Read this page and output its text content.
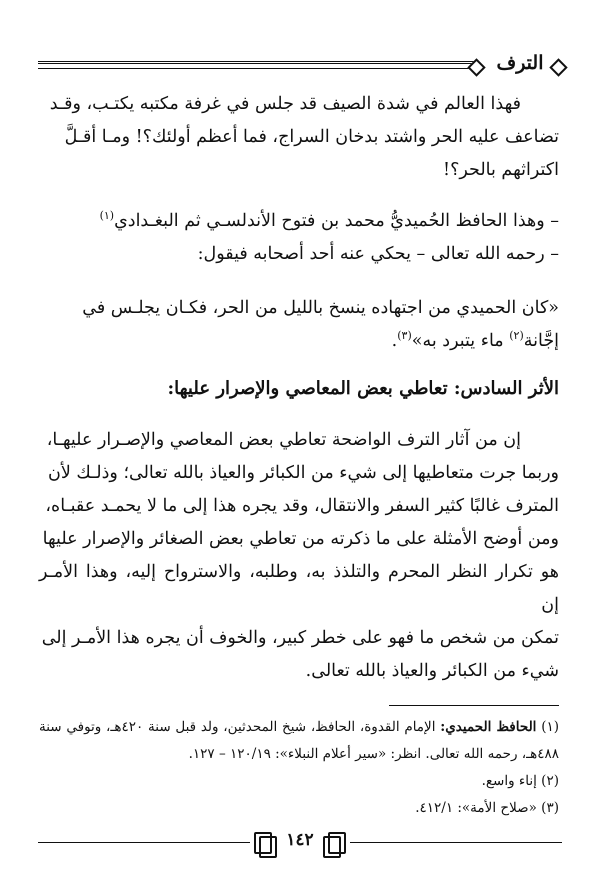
الترف
فهذا العالم في شدة الصيف قد جلس في غرفة مكتبه يكتـب، وقـد
تضاعف عليه الحر واشتد بدخان السراج، فما أعظم أولئك؟! ومـا أقـلَّ
اكتراثهم بالحر؟!
– وهذا الحافظ الحُميديُّ محمد بن فتوح الأندلسـي ثم البغـدادي$^{(١)}$
– رحمه الله تعالى – يحكي عنه أحد أصحابه فيقول:
«كان الحميدي من اجتهاده ينسخ بالليل من الحر، فكـان يجلـس في
إجَّانة$^{(٢)}$ ماء يتبرد به»$^{(٣)}$.
الأثر السادس: تعاطي بعض المعاصي والإصرار عليها:
إن من آثار الترف الواضحة تعاطي بعض المعاصي والإصـرار عليهـا،
وربما جرت متعاطيها إلى شيء من الكبائر والعياذ بالله تعالى؛ وذلـك لأن
المترف غالبًا كثير السفر والانتقال، وقد يجره هذا إلى ما لا يحمـد عقبـاه،
ومن أوضح الأمثلة على ما ذكرته من تعاطي بعض الصغائر والإصرار عليها
هو تكرار النظر المحرم والتلذذ به، وطلبه، والاسترواح إليه، وهذا الأمـر إن
تمكن من شخص ما فهو على خطر كبير، والخوف أن يجره هذا الأمـر إلى
شيء من الكبائر والعياذ بالله تعالى.

(١) الحافظ الحميدي: الإمام القدوة، الحافظ، شيخ المحدثين، ولد قبل سنة ٤٢٠هـ، وتوفي سنة ٤٨٨هـ، رحمه الله تعالى. انظر: «سير أعلام النبلاء»: ١٢٠/١٩ – ١٢٧.

(٢) إناء واسع.

(٣) «صلاح الأمة»: ٤١٢/١.

١٤٢
